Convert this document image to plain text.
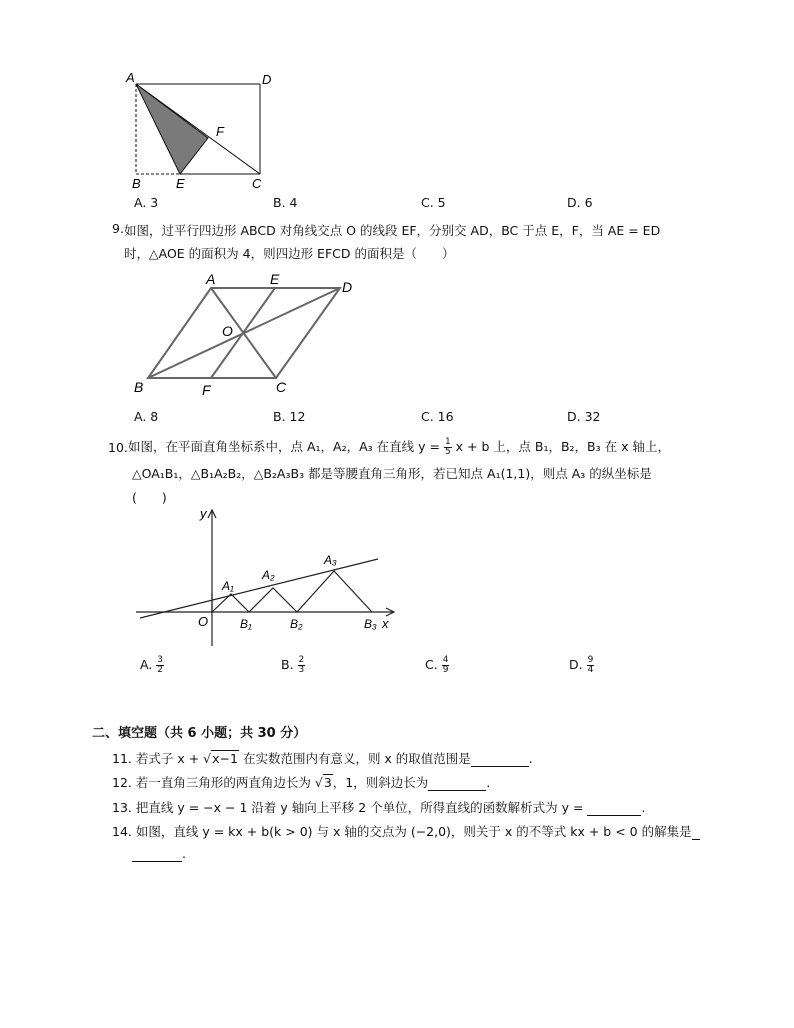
A	D
F
B	E	C
A. 3	B. 4	C. 5	D. 6
9. 如图，过平行四边形 ABCD 对角线交点 O 的线段 EF，分别交 AD，BC 于点 E，F，当 AE = ED
时，△AOE 的面积为 4，则四边形 EFCD 的面积是（　　）
A	E	D
O
B	F	C
A. 8	B. 12	C. 16	D. 32
10. 如图，在平面直角坐标系中，点 A₁，A₂，A₃ 在直线 $y = \frac{1}{5}$ x + b 上，点 B₁，B₂，B₃ 在 x 轴上，
△OA₁B₁，△B₁A₂B₂，△B₂A₃B₃ 都是等腰直角三角形，若已知点 A₁(1,1)，则点 A₃ 的纵坐标是
(　　)
y
x
O
A₁
A₂
A₃
B₁	B₂	B₃
A. $\frac{3}{2}$	B. $\frac{2}{3}$	C. $\frac{4}{9}$	D. $\frac{9}{4}$
二、填空题（共 6 小题；共 30 分）
11. 若式子 x + √x−1 在实数范围内有意义，则 x 的取值范围是	.
12. 若一直角三角形的两直角边长为 √3，1，则斜边长为	.
13. 把直线 y = −x − 1 沿着 y 轴向上平移 2 个单位，所得直线的函数解析式为 y =	.
14. 如图，直线 y = kx + b(k > 0) 与 x 轴的交点为 (−2,0)，则关于 x 的不等式 kx + b < 0 的解集是
.
